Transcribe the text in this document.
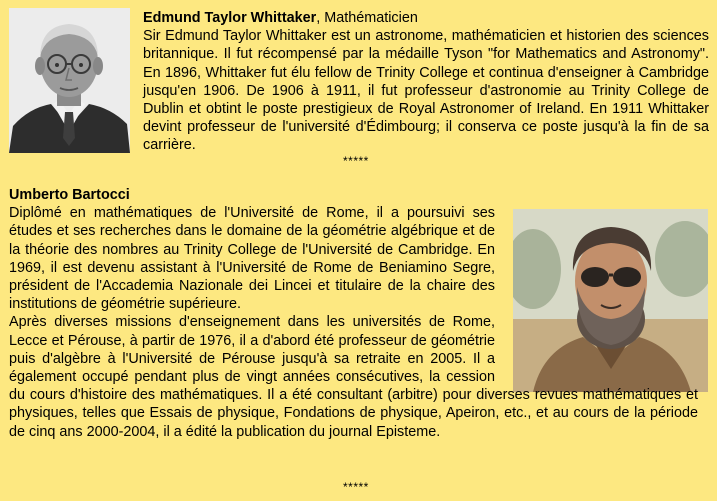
Edmund Taylor Whittaker, Mathématicien
Sir Edmund Taylor Whittaker est un astronome, mathématicien et historien des sciences britannique. Il fut récompensé par la médaille Tyson "for Mathematics and Astronomy". En 1896, Whittaker fut élu fellow de Trinity College et continua d'enseigner à Cambridge jusqu'en 1906. De 1906 à 1911, il fut professeur d'astronomie au Trinity College de Dublin et obtint le poste prestigieux de Royal Astronomer of Ireland. En 1911 Whittaker devint professeur de l'université d'Édimbourg; il conserva ce poste jusqu'à la fin de sa carrière.

*****

Umberto Bartocci

Diplômé en mathématiques de l'Université de Rome, il a poursuivi ses études et ses recherches dans le domaine de la géométrie algébrique et de la théorie des nombres au Trinity College de l'Université de Cambridge. En 1969, il est devenu assistant à l'Université de Rome de Beniamino Segre, président de l'Accademia Nazionale dei Lincei et titulaire de la chaire des institutions de géométrie supérieure.

Après diverses missions d'enseignement dans les universités de Rome, Lecce et Pérouse, à partir de 1976, il a d'abord été professeur de géométrie puis d'algèbre à l'Université de Pérouse jusqu'à sa retraite en 2005. Il a également occupé pendant plus de vingt années consécutives, la cession du cours d'histoire des mathématiques. Il a été consultant (arbitre) pour diverses revues mathématiques et physiques, telles que Essais de physique, Fondations de physique, Apeiron, etc., et au cours de la période de cinq ans 2000-2004, il a édité la publication du journal Episteme.

*****
